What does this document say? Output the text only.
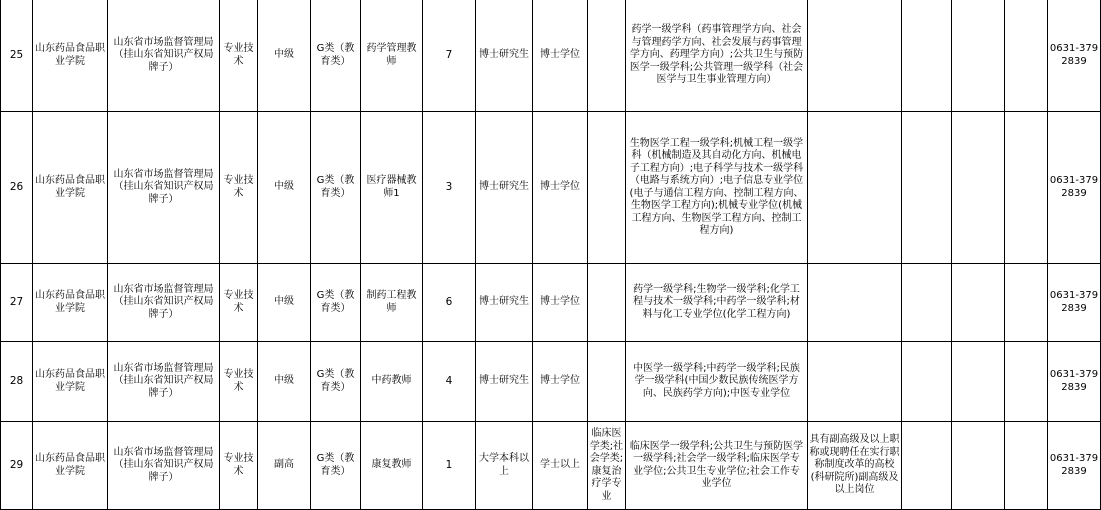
25	山东药品食品职业学院	山东省市场监督管理局（挂山东省知识产权局牌子）	专业技术	中级	G类（教育类）	药学管理教师	7	博士研究生	博士学位		药学一级学科（药事管理学方向、社会与管理药学方向、社会发展与药事管理学方向、药理学方向）;公共卫生与预防医学一级学科;公共管理一级学科（社会医学与卫生事业管理方向）					0631-3792839
26	山东药品食品职业学院	山东省市场监督管理局（挂山东省知识产权局牌子）	专业技术	中级	G类（教育类）	医疗器械教师1	3	博士研究生	博士学位		生物医学工程一级学科;机械工程一级学科（机械制造及其自动化方向、机械电子工程方向）;电子科学与技术一级学科（电路与系统方向）;电子信息专业学位(电子与通信工程方向、控制工程方向、生物医学工程方向);机械专业学位(机械工程方向、生物医学工程方向、控制工程方向)					0631-3792839
27	山东药品食品职业学院	山东省市场监督管理局（挂山东省知识产权局牌子）	专业技术	中级	G类（教育类）	制药工程教师	6	博士研究生	博士学位		药学一级学科;生物学一级学科;化学工程与技术一级学科;中药学一级学科;材料与化工专业学位(化学工程方向)					0631-3792839
28	山东药品食品职业学院	山东省市场监督管理局（挂山东省知识产权局牌子）	专业技术	中级	G类（教育类）	中药教师	4	博士研究生	博士学位		中医学一级学科;中药学一级学科;民族学一级学科(中国少数民族传统医学方向、民族药学方向);中医专业学位					0631-3792839
29	山东药品食品职业学院	山东省市场监督管理局（挂山东省知识产权局牌子）	专业技术	副高	G类（教育类）	康复教师	1	大学本科以上	学士以上	临床医学类;社会学类;康复治疗学专业	临床医学一级学科;公共卫生与预防医学一级学科;社会学一级学科;临床医学专业学位;公共卫生专业学位;社会工作专业学位	具有副高级及以上职称或现聘任在实行职称制度改革的高校(科研院所)副高级及以上岗位				0631-3792839
